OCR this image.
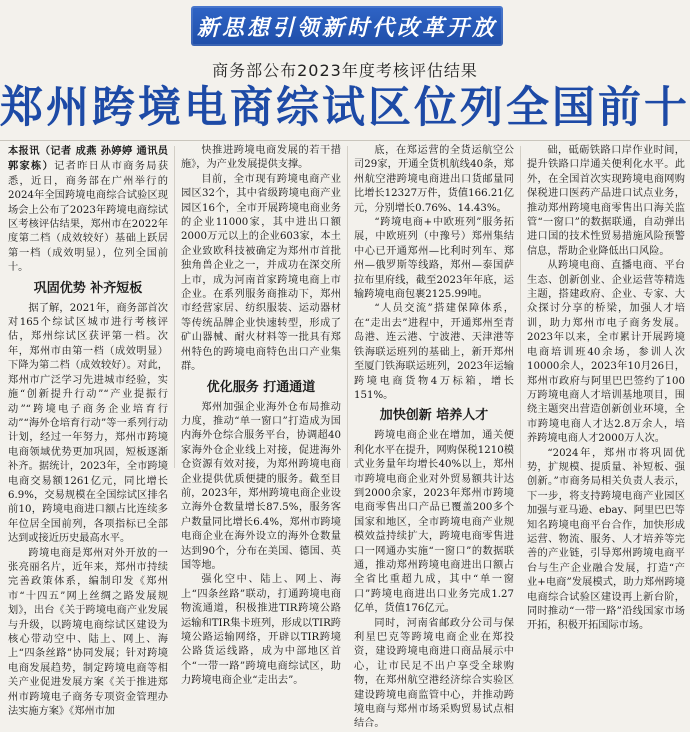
新思想引领新时代改革开放
商务部公布2023年度考核评估结果
郑州跨境电商综试区位列全国前十

本报讯（记者 成燕 孙婷婷 通讯员 郭家栋）记者昨日从市商务局获悉，近日，商务部在广州举行的2024年全国跨境电商综合试验区现场会上公布了2023年跨境电商综试区考核评估结果，郑州市在2022年度第二档（成效较好）基础上跃居第一档（成效明显），位列全国前十。

巩固优势 补齐短板

据了解，2021年，商务部首次对165个综试区城市进行考核评估，郑州综试区获评第一档。次年，郑州市由第一档（成效明显）下降为第二档（成效较好）。对此，郑州市广泛学习先进城市经验，实施“创新提升行动”“产业提振行动”“跨境电子商务企业培育行动”“海外仓培育行动”等一系列行动计划，经过一年努力，郑州市跨境电商领域优势更加巩固，短板逐渐补齐。据统计，2023年，全市跨境电商交易额1261亿元，同比增长6.9%，交易规模在全国综试区排名前10，跨境电商进口额占比连续多年位居全国前列，各项指标已全部达到或接近历史最高水平。

跨境电商是郑州对外开放的一张亮丽名片，近年来，郑州市持续完善政策体系，编制印发《郑州市“十四五”网上丝绸之路发展规划》，出台《关于跨境电商产业发展与升级，以跨境电商综试区建设为核心带动空中、陆上、网上、海上“四条丝路”协同发展；针对跨境电商发展趋势，制定跨境电商等相关产业促进发展方案《关于推进郑州市跨境电子商务专项资金管理办法实施方案》《郑州市加

快推进跨境电商发展的若干措施》，为产业发展提供支撑。

目前，全市现有跨境电商产业园区32个，其中省级跨境电商产业园区16个，全市开展跨境电商业务的企业11000家，其中进出口额2000万元以上的企业603家，本土企业致欧科技被确定为郑州市首批独角兽企业之一，并成功在深交所上市，成为河南首家跨境电商上市企业。在系列服务商推动下，郑州市经营家居、纺织服装、运动器材等传统品牌企业快速转型，形成了矿山器械、耐火材料等一批具有郑州特色的跨境电商特色出口产业集群。

优化服务 打通通道

郑州加强企业海外仓布局推动力度，推动“单一窗口”打造成为国内海外仓综合服务平台，协调超40家海外仓企业线上对接，促进海外仓资源有效对接，为郑州跨境电商企业提供优质便捷的服务。截至目前，2023年，郑州跨境电商企业设立海外仓数量增长87.5%，服务客户数量同比增长6.4%，郑州市跨境电商企业在海外设立的海外仓数量达到90个，分布在美国、德国、英国等地。

强化空中、陆上、网上、海上“四条丝路”联动，打通跨境电商物流通道，积极推进TIR跨境公路运输和TIR集卡班列，形成以TIR跨境公路运输网络，开辟以TIR跨境公路货运线路，成为中部地区首个“一带一路”跨境电商综试区，助力跨境电商企业“走出去”。

底，在郑运营的全货运航空公司29家，开通全货机航线40条，郑州航空港跨境电商进出口货邮量同比增长12327万件，货值166.21亿元，分别增长0.76%、14.43%。

“跨境电商+中欧班列”服务拓展，中欧班列（中豫号）郑州集结中心已开通郑州—比利时列车、郑州—俄罗斯等线路，郑州—泰国萨拉布里府线，截至2023年年底，运输跨境电商包裹2125.99吨。

“人员交流”搭建保障体系，在“走出去”进程中，开通郑州至青岛港、连云港、宁波港、天津港等铁海联运班列的基础上，新开郑州至厦门铁海联运班列，2023年运输跨境电商货物4万标箱，增长151%。

加快创新 培养人才

跨境电商企业在增加，通关便利化水平在提升，网购保税1210模式业务量年均增长40%以上，郑州市跨境电商企业对外贸易额共计达到2000余家，2023年郑州市跨境电商零售出口产品已覆盖200多个国家和地区，全市跨境电商产业规模效益持续扩大，跨境电商零售进口一网通办实施“一窗口”的数据联通，推动郑州跨境电商进出口额占全省比重超九成，其中“单一窗口”跨境电商进出口业务完成1.27亿单，货值176亿元。

同时，河南省邮政分公司与保利星巴克等跨境电商企业在郑投资，建设跨境电商进口商品展示中心，让市民足不出户享受全球购物，在郑州航空港经济综合实验区建设跨境电商监管中心，并推动跨境电商与郑州市场采购贸易试点相结合。

础，砥砺铁路口岸作业时间，提升铁路口岸通关便利化水平。此外，在全国首次实现跨境电商网购保税进口医药产品进口试点业务，推动郑州跨境电商零售出口海关监管“一窗口”的数据联通，自动弹出进口国的技术性贸易措施风险预警信息，帮助企业降低出口风险。

从跨境电商、直播电商、平台生态、创新创业、企业运营等精选主题，搭建政府、企业、专家、大众探讨分享的桥梁，加强人才培训，助力郑州市电子商务发展。2023年以来，全市累计开展跨境电商培训班40余场，参训人次10000余人，2023年10月26日，郑州市政府与阿里巴巴签约了100万跨境电商人才培训基地项目，围绕主题突出营造创新创业环境，全市跨境电商人才达2.8万余人，培养跨境电商人才2000万人次。

“2024年，郑州市将巩固优势，扩规模、提质量、补短板、强创新。”市商务局相关负责人表示，下一步，将支持跨境电商产业园区加强与亚马逊、ebay、阿里巴巴等知名跨境电商平台合作，加快形成运营、物流、服务、人才培养等完善的产业链，引导郑州跨境电商平台与生产企业融合发展，打造“产业+电商”发展模式，助力郑州跨境电商综合试验区建设再上新台阶，同时推动“一带一路”沿线国家市场开拓，积极开拓国际市场。
